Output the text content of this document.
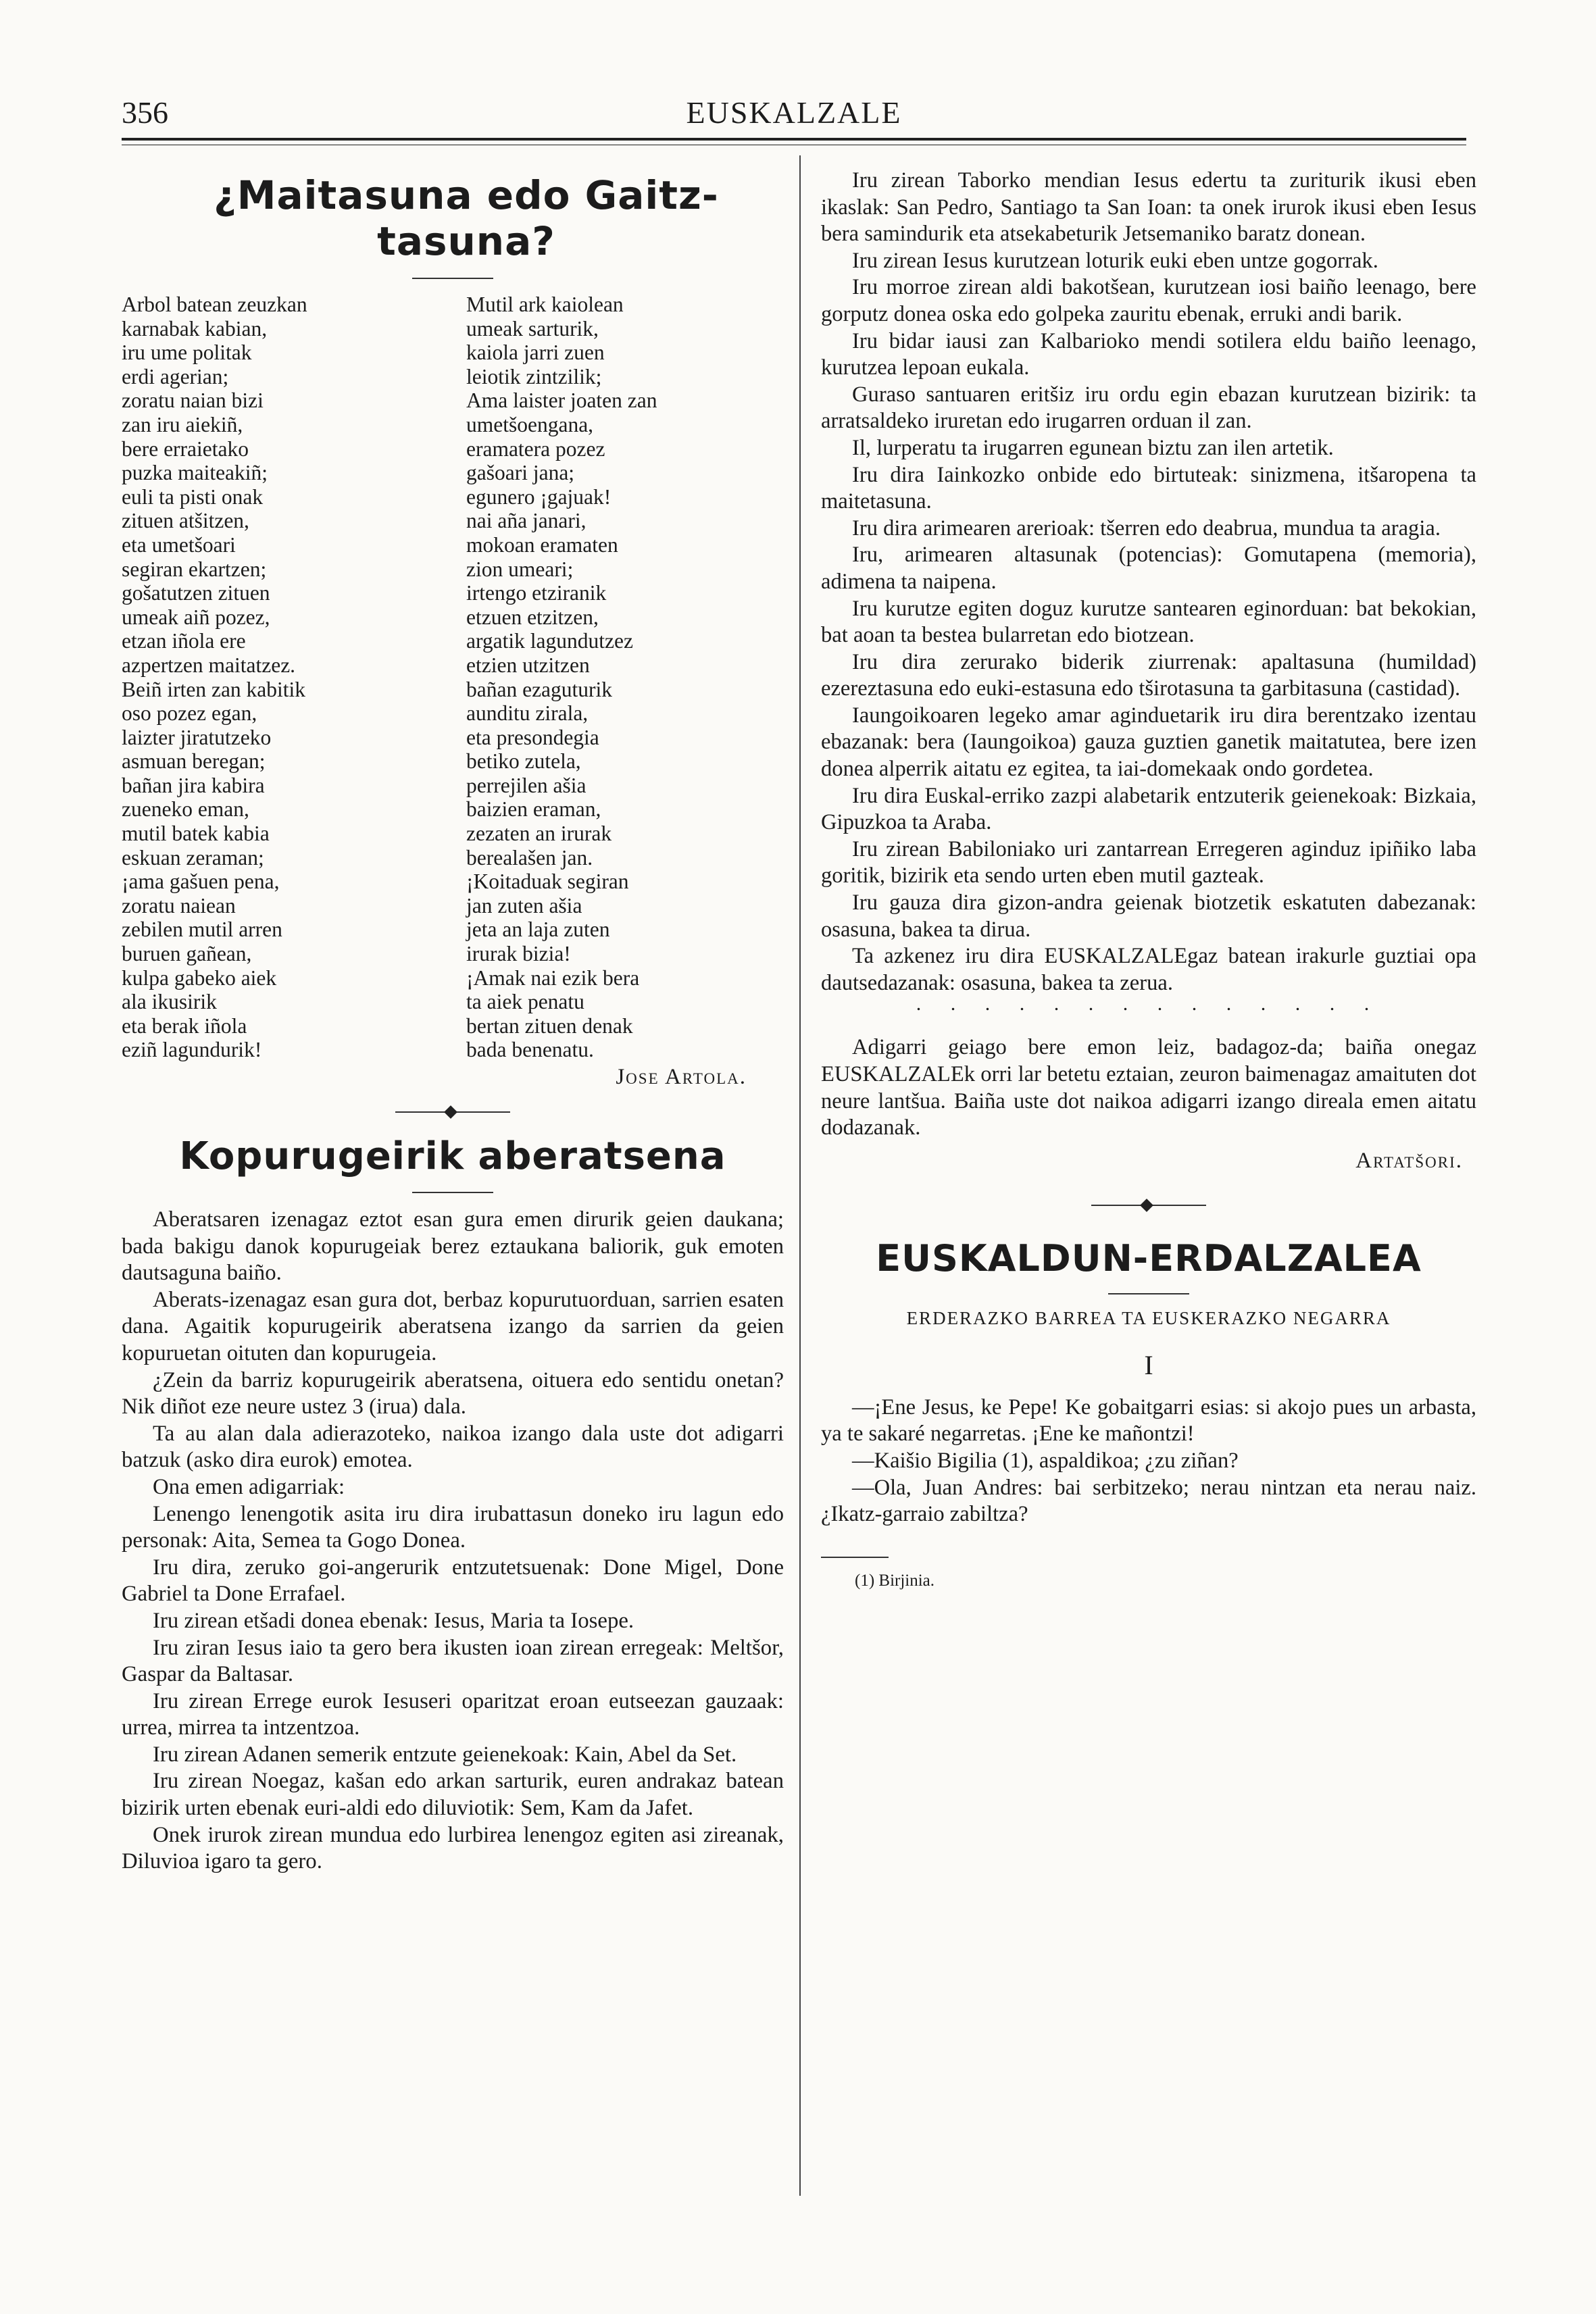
356	EUSKALZALE
¿Maitasuna edo Gaitz-tasuna?
Arbol batean zeuzkan
karnabak kabian,
iru ume politak
erdi agerian;
zoratu naian bizi
zan iru aiekiñ,
bere erraietako
puzka maiteakiñ;
euli ta pisti onak
zituen atšitzen,
eta umetšoari
segiran ekartzen;
gošatutzen zituen
umeak aiñ pozez,
etzan iñola ere
azpertzen maitatzez.
Beiñ irten zan kabitik
oso pozez egan,
laizter jiratutzeko
asmuan beregan;
bañan jira kabira
zueneko eman,
mutil batek kabia
eskuan zeraman;
¡ama gašuen pena,
zoratu naiean
zebilen mutil arren
buruen gañean,
kulpa gabeko aiek
ala ikusirik
eta berak iñola
eziñ lagundurik!
Mutil ark kaiolean
umeak sarturik,
kaiola jarri zuen
leiotik zintzilik;
Ama laister joaten zan
umetšoengana,
eramatera pozez
gašoari jana;
egunero ¡gajuak!
nai aña janari,
mokoan eramaten
zion umeari;
irtengo etziranik
etzuen etzitzen,
argatik lagundutzez
etzien utzitzen
bañan ezaguturik
aunditu zirala,
eta presondegia
betiko zutela,
perrejilen ašia
baizien eraman,
zezaten an irurak
berealašen jan.
¡Koitaduak segiran
jan zuten ašia
jeta an laja zuten
irurak bizia!
¡Amak nai ezik bera
ta aiek penatu
bertan zituen denak
bada benenatu.
Jose Artola.
Kopurugeirik aberatsena

Aberatsaren izenagaz eztot esan gura emen dirurik geien daukana; bada bakigu danok kopurugeiak berez eztaukana baliorik, guk emoten dautsaguna baiño.

Aberats-izenagaz esan gura dot, berbaz kopurutuorduan, sarrien esaten dana. Agaitik kopurugeirik aberatsena izango da sarrien da geien kopuruetan oituten dan kopurugeia.

¿Zein da barriz kopurugeirik aberatsena, oituera edo sentidu onetan? Nik diñot eze neure ustez 3 (irua) dala.

Ta au alan dala adierazoteko, naikoa izango dala uste dot adigarri batzuk (asko dira eurok) emotea.

Ona emen adigarriak:

Lenengo lenengotik asita iru dira irubattasun doneko iru lagun edo personak: Aita, Semea ta Gogo Donea.

Iru dira, zeruko goi-angerurik entzutetsuenak: Done Migel, Done Gabriel ta Done Errafael.

Iru zirean etšadi donea ebenak: Iesus, Maria ta Iosepe.

Iru ziran Iesus iaio ta gero bera ikusten ioan zirean erregeak: Meltšor, Gaspar da Baltasar.

Iru zirean Errege eurok Iesuseri oparitzat eroan eutseezan gauzaak: urrea, mirrea ta intzentzoa.

Iru zirean Adanen semerik entzute geienekoak: Kain, Abel da Set.

Iru zirean Noegaz, kašan edo arkan sarturik, euren andrakaz batean bizirik urten ebenak euri-aldi edo diluviotik: Sem, Kam da Jafet.

Onek irurok zirean mundua edo lurbirea lenengoz egiten asi zireanak, Diluvioa igaro ta gero.

Iru zirean Taborko mendian Iesus edertu ta zuriturik ikusi eben ikaslak: San Pedro, Santiago ta San Ioan: ta onek irurok ikusi eben Iesus bera samindurik eta atsekabeturik Jetsemaniko baratz donean.

Iru zirean Iesus kurutzean loturik euki eben untze gogorrak.

Iru morroe zirean aldi bakotšean, kurutzean iosi baiño leenago, bere gorputz donea oska edo golpeka zauritu ebenak, erruki andi barik.

Iru bidar iausi zan Kalbarioko mendi sotilera eldu baiño leenago, kurutzea lepoan eukala.

Guraso santuaren eritšiz iru ordu egin ebazan kurutzean bizirik: ta arratsaldeko iruretan edo irugarren orduan il zan.

Il, lurperatu ta irugarren egunean biztu zan ilen artetik.

Iru dira Iainkozko onbide edo birtuteak: sinizmena, itšaropena ta maitetasuna.

Iru dira arimearen arerioak: tšerren edo deabrua, mundua ta aragia.

Iru, arimearen altasunak (potencias): Gomutapena (memoria), adimena ta naipena.

Iru kurutze egiten doguz kurutze santearen eginorduan: bat bekokian, bat aoan ta bestea bularretan edo biotzean.

Iru dira zerurako biderik ziurrenak: apaltasuna (humildad) ezereztasuna edo euki-estasuna edo tširotasuna ta garbitasuna (castidad).

Iaungoikoaren legeko amar aginduetarik iru dira berentzako izentau ebazanak: bera (Iaungoikoa) gauza guztien ganetik maitatutea, bere izen donea alperrik aitatu ez egitea, ta iai-domekaak ondo gordetea.

Iru dira Euskal-erriko zazpi alabetarik entzuterik geienekoak: Bizkaia, Gipuzkoa ta Araba.

Iru zirean Babiloniako uri zantarrean Erregeren aginduz ipiñiko laba goritik, bizirik eta sendo urten eben mutil gazteak.

Iru gauza dira gizon-andra geienak biotzetik eskatuten dabezanak: osasuna, bakea ta dirua.

Ta azkenez iru dira EUSKALZALEgaz batean irakurle guztiai opa dautsedazanak: osasuna, bakea ta zerua.

. . . . . . . . . . . . . .

Adigarri geiago bere emon leiz, badagoz-da; baiña onegaz EUSKALZALEk orri lar betetu eztaian, zeuron baimenagaz amaituten dot neure lantšua. Baiña uste dot naikoa adigarri izango direala emen aitatu dodazanak.

Artatšori.
EUSKALDUN-ERDALZALEA
ERDERAZKO BARREA TA EUSKERAZKO NEGARRA
I

—¡Ene Jesus, ke Pepe! Ke gobaitgarri esias: si akojo pues un arbasta, ya te sakaré negarretas. ¡Ene ke mañontzi!

—Kaišio Bigilia (1), aspaldikoa; ¿zu ziñan?

—Ola, Juan Andres: bai serbitzeko; nerau nintzan eta nerau naiz. ¿Ikatz-garraio zabiltza?

(1) Birjinia.
